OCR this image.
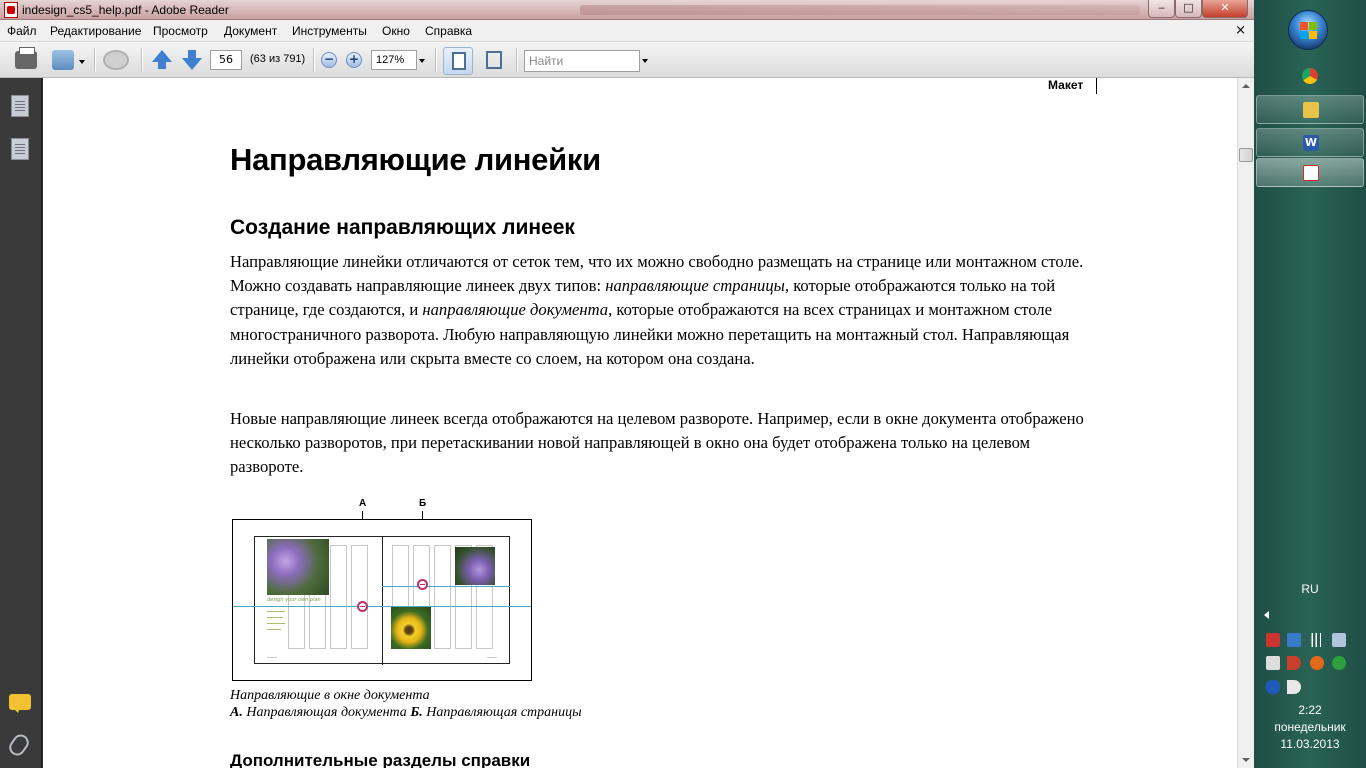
indesign_cs5_help.pdf - Adobe Reader	‒	□	✕
Файл Редактирование Просмотр Документ Инструменты Окно Справка	×
56	(63 из 791) − +	127%	Найти
Макет
Направляющие линейки
Создание направляющих линеек

Направляющие линейки отличаются от сеток тем, что их можно свободно размещать на странице или монтажном столе. Можно создавать направляющие линеек двух типов: направляющие страницы, которые отображаются только на той странице, где создаются, и направляющие документа, которые отображаются на всех страницах и монтажном столе многостраничного разворота. Любую направляющую линейки можно перетащить на монтажный стол. Направляющая линейки отображена или скрыта вместе со слоем, на котором она создана.

Новые направляющие линеек всегда отображаются на целевом развороте. Например, если в окне документа отображено несколько разворотов, при перетаскивании новой направляющей в окно она будет отображена только на целевом развороте.

А	Б
design your own plan
Направляющие в окне документа
А. Направляющая документа Б. Направляющая страницы
Дополнительные разделы справки
W
RU
2:22
понедельник
11.03.2013
